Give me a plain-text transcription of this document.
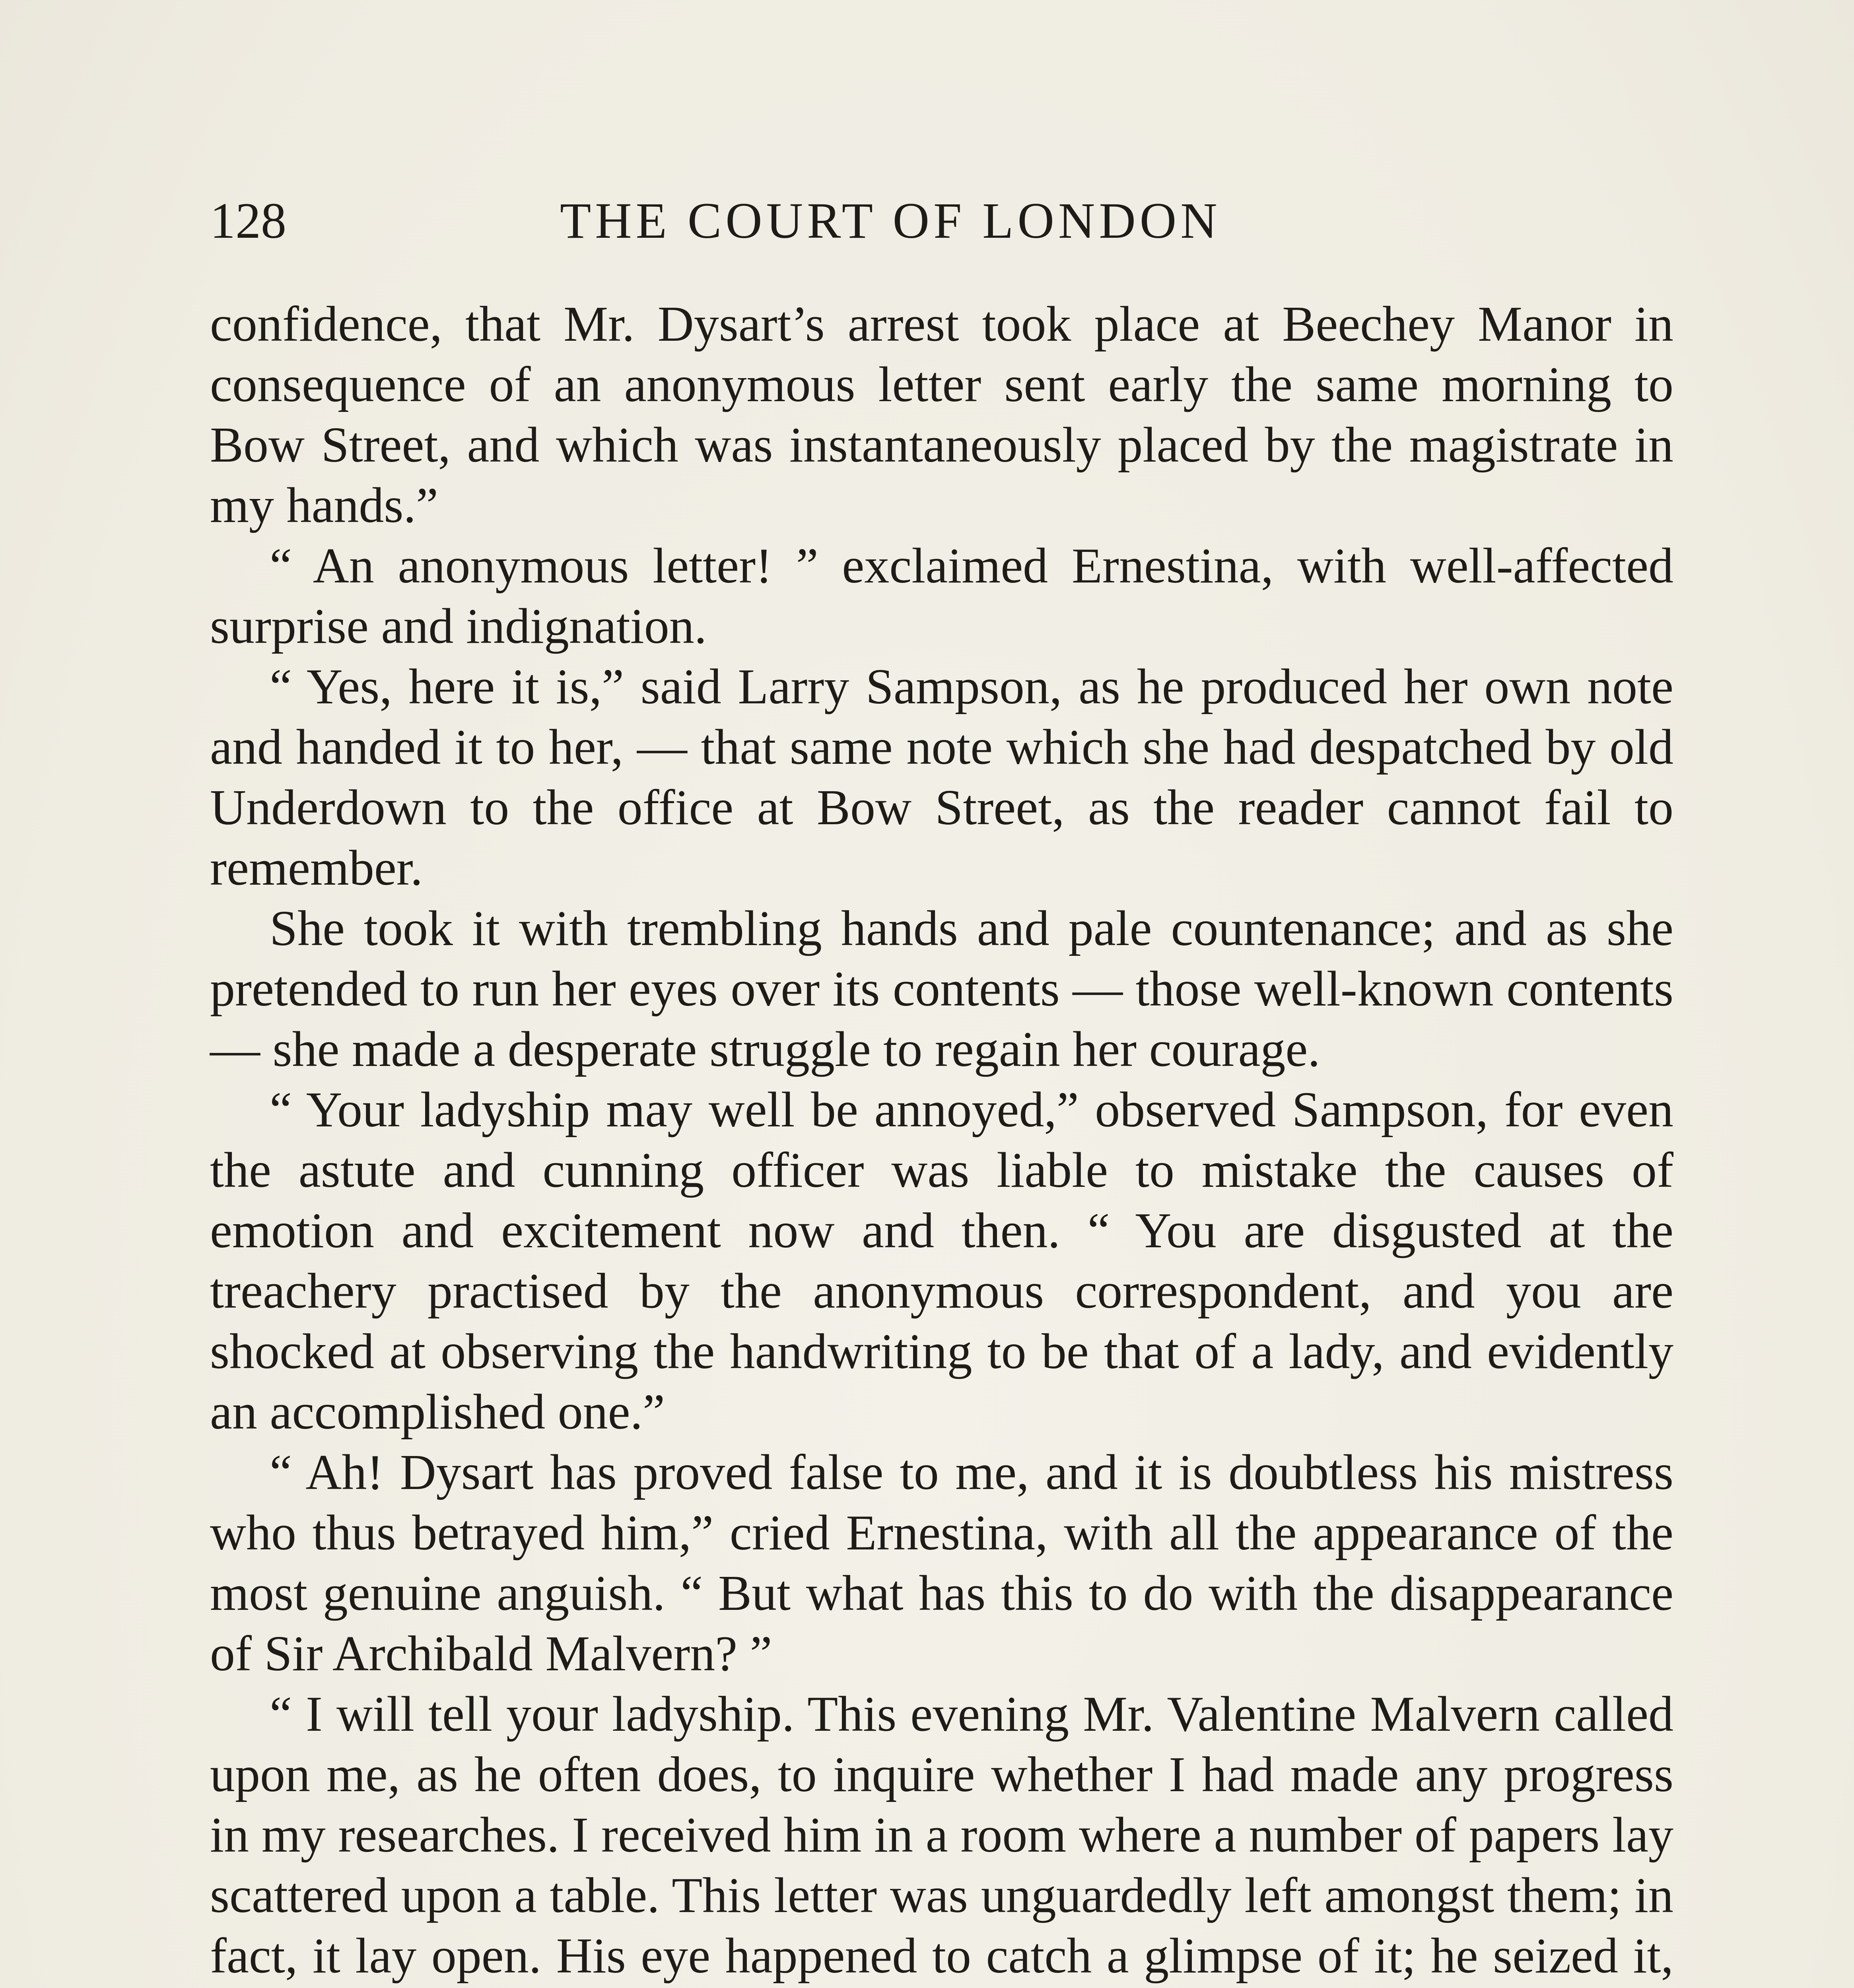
128	THE COURT OF LONDON

confidence, that Mr. Dysart’s arrest took place at Beechey Manor in consequence of an anonymous letter sent early the same morning to Bow Street, and which was instantaneously placed by the magistrate in my hands.”

“ An anonymous letter! ” exclaimed Ernestina, with well-affected surprise and indignation.

“ Yes, here it is,” said Larry Sampson, as he produced her own note and handed it to her, — that same note which she had despatched by old Underdown to the office at Bow Street, as the reader cannot fail to remember.

She took it with trembling hands and pale countenance; and as she pretended to run her eyes over its contents — those well-known contents — she made a desperate struggle to regain her courage.

“ Your ladyship may well be annoyed,” observed Sampson, for even the astute and cunning officer was liable to mistake the causes of emotion and excitement now and then. “ You are disgusted at the treachery practised by the anonymous correspondent, and you are shocked at observing the handwriting to be that of a lady, and evidently an accomplished one.”

“ Ah! Dysart has proved false to me, and it is doubtless his mistress who thus betrayed him,” cried Ernestina, with all the appearance of the most genuine anguish. “ But what has this to do with the disappearance of Sir Archibald Malvern? ”

“ I will tell your ladyship. This evening Mr. Valentine Malvern called upon me, as he often does, to inquire whether I had made any progress in my researches. I received him in a room where a number of papers lay scattered upon a table. This letter was unguardedly left amongst them; in fact, it lay open. His eye happened to catch a glimpse of it; he seized it,
